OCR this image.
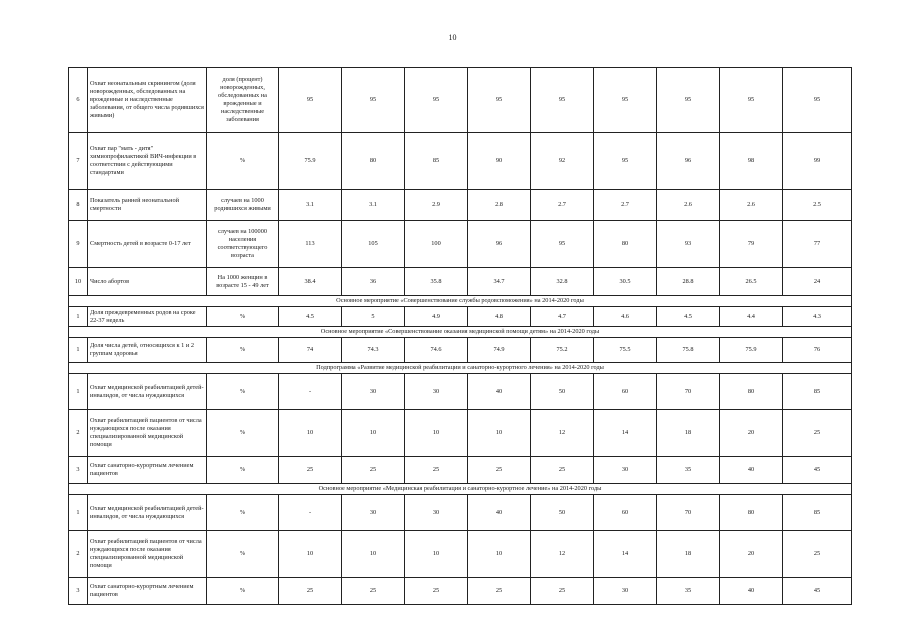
10
6	Охват неонатальным скринингом (доля новорожденных, обследованных на врожденные и наследственные заболевания, от общего числа родившихся живыми)	доля (процент) новорожденных, обследованных на врожденные и наследственные заболевания	95	95	95	95	95	95	95	95	95
7	Охват пар "мать - дитя" химиопрофилактикой ВИЧ-инфекции в соответствии с действующими стандартами	%	75.9	80	85	90	92	95	96	98	99
8	Показатель ранней неонатальной смертности	случаев на 1000 родившихся живыми	3.1	3.1	2.9	2.8	2.7	2.7	2.6	2.6	2.5
9	Смертность детей в возрасте 0-17 лет	случаев на 100000 населения соответствующего возраста	113	105	100	96	95	80	93	79	77
10	Число абортов	На 1000 женщин в возрасте 15 - 49 лет	38.4	36	35.8	34.7	32.8	30.5	28.8	26.5	24
Основное мероприятие «Совершенствование службы родовспоможения» на 2014-2020 годы											
1	Доля преждевременных родов на сроке 22-37 недель	%	4.5	5	4.9	4.8	4.7	4.6	4.5	4.4	4.3
Основное мероприятие «Совершенствование оказания медицинской помощи детям» на 2014-2020 годы											
1	Доля числа детей, относящихся к 1 и 2 группам здоровья	%	74	74.3	74.6	74.9	75.2	75.5	75.8	75.9	76
Подпрограмма «Развитие медицинской реабилитации и санаторно-курортного лечения» на 2014-2020 годы											
1	Охват медицинской реабилитацией детей-инвалидов, от числа нуждающихся	%	-	30	30	40	50	60	70	80	85
2	Охват реабилитацией пациентов от числа нуждающихся после оказания специализированной медицинской помощи	%	10	10	10	10	12	14	18	20	25
3	Охват санаторно-курортным лечением пациентов	%	25	25	25	25	25	30	35	40	45
Основное мероприятие «Медицинская реабилитация и санаторно-курортное лечение» на 2014-2020 годы											
1	Охват медицинской реабилитацией детей-инвалидов, от числа нуждающихся	%	-	30	30	40	50	60	70	80	85
2	Охват реабилитацией пациентов от числа нуждающихся после оказания специализированной медицинской помощи	%	10	10	10	10	12	14	18	20	25
3	Охват санаторно-курортным лечением пациентов	%	25	25	25	25	25	30	35	40	45
